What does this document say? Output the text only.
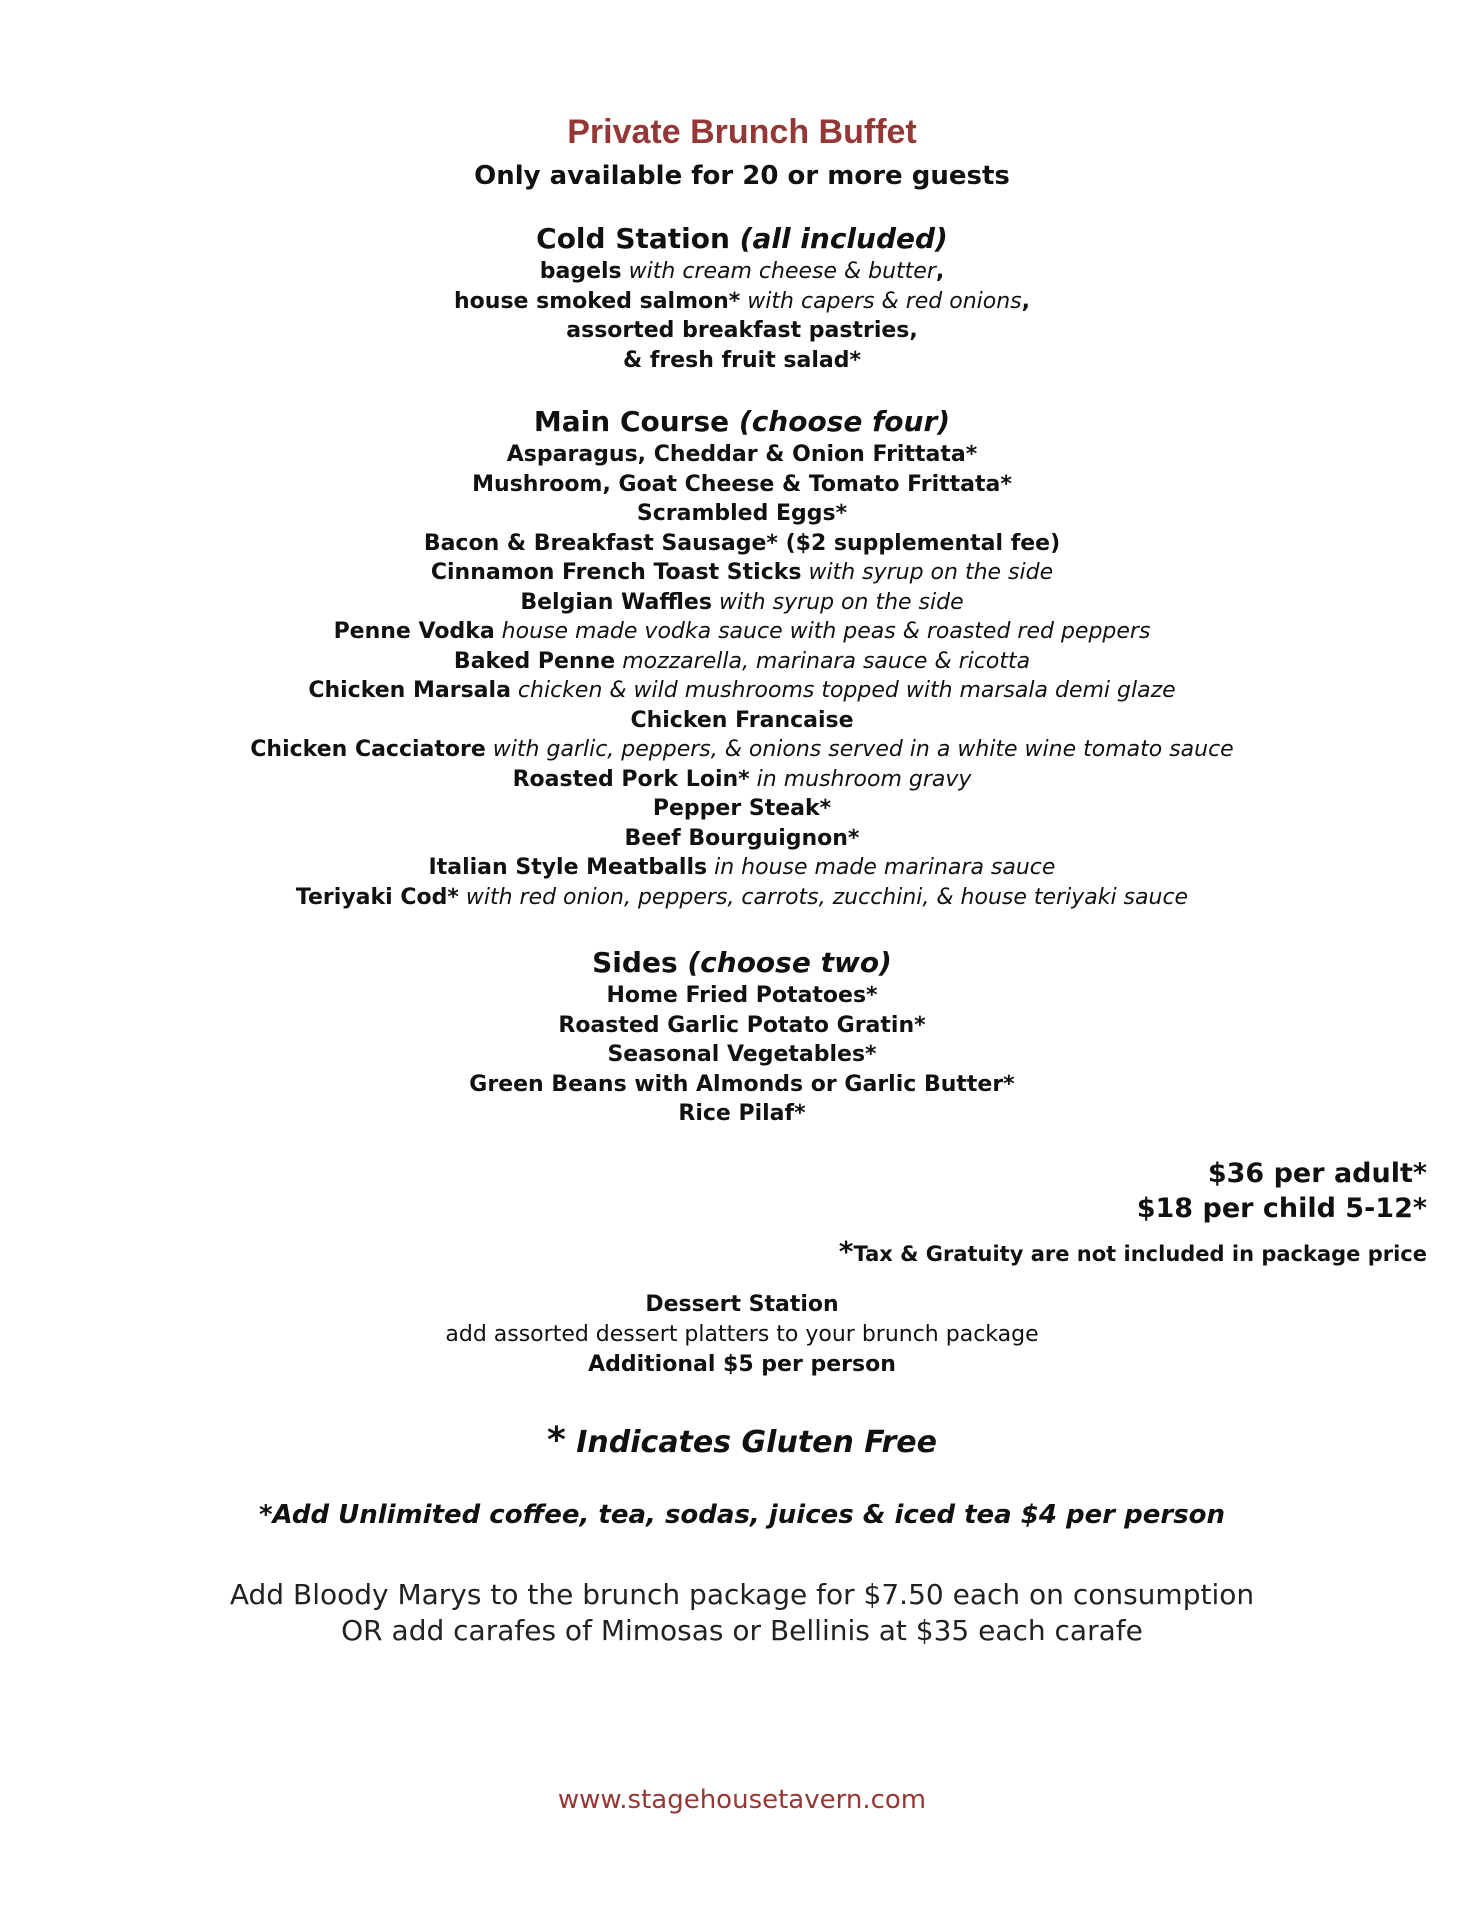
Private Brunch Buffet
Only available for 20 or more guests
Cold Station (all included)
bagels with cream cheese & butter,
house smoked salmon* with capers & red onions,
assorted breakfast pastries,
& fresh fruit salad*
Main Course (choose four)
Asparagus, Cheddar & Onion Frittata*
Mushroom, Goat Cheese & Tomato Frittata*
Scrambled Eggs*
Bacon & Breakfast Sausage* ($2 supplemental fee)
Cinnamon French Toast Sticks with syrup on the side
Belgian Waffles with syrup on the side
Penne Vodka house made vodka sauce with peas & roasted red peppers
Baked Penne mozzarella, marinara sauce & ricotta
Chicken Marsala chicken & wild mushrooms topped with marsala demi glaze
Chicken Francaise
Chicken Cacciatore with garlic, peppers, & onions served in a white wine tomato sauce
Roasted Pork Loin* in mushroom gravy
Pepper Steak*
Beef Bourguignon*
Italian Style Meatballs in house made marinara sauce
Teriyaki Cod* with red onion, peppers, carrots, zucchini, & house teriyaki sauce
Sides (choose two)
Home Fried Potatoes*
Roasted Garlic Potato Gratin*
Seasonal Vegetables*
Green Beans with Almonds or Garlic Butter*
Rice Pilaf*
$36 per adult*
$18 per child 5-12*
*Tax & Gratuity are not included in package price
Dessert Station
add assorted dessert platters to your brunch package
Additional $5 per person
* Indicates Gluten Free
*Add Unlimited coffee, tea, sodas, juices & iced tea $4 per person
Add Bloody Marys to the brunch package for $7.50 each on consumption
OR add carafes of Mimosas or Bellinis at $35 each carafe
www.stagehousetavern.com
